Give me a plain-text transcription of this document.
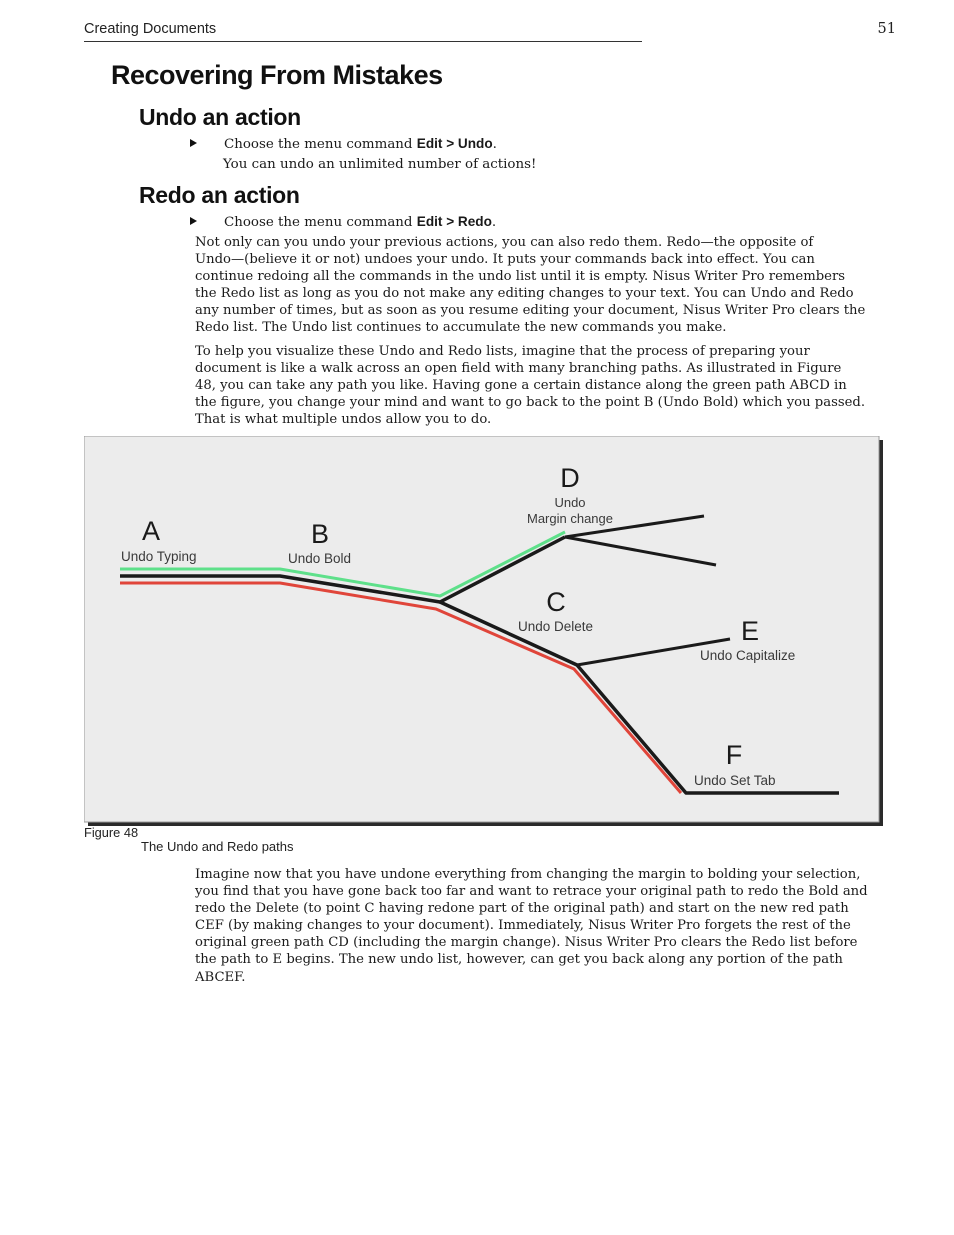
Creating Documents	51
Recovering From Mistakes
Undo an action
Choose the menu command Edit > Undo.
You can undo an unlimited number of actions!
Redo an action
Choose the menu command Edit > Redo.
Not only can you undo your previous actions, you can also redo them. Redo—the opposite of
Undo—(believe it or not) undoes your undo. It puts your commands back into effect. You can
continue redoing all the commands in the undo list until it is empty. Nisus Writer Pro remembers
the Redo list as long as you do not make any editing changes to your text. You can Undo and Redo
any number of times, but as soon as you resume editing your document, Nisus Writer Pro clears the
Redo list. The Undo list continues to accumulate the new commands you make.
To help you visualize these Undo and Redo lists, imagine that the process of preparing your
document is like a walk across an open field with many branching paths. As illustrated in Figure
48, you can take any path you like. Having gone a certain distance along the green path ABCD in
the figure, you change your mind and want to go back to the point B (Undo Bold) which you passed.
That is what multiple undos allow you to do.
A
Undo Typing
B
Undo Bold
D
Undo
Margin change
C
Undo Delete	E
Undo Capitalize
F
Undo Set Tab
Figure 48
The Undo and Redo paths
Imagine now that you have undone everything from changing the margin to bolding your selection,
you find that you have gone back too far and want to retrace your original path to redo the Bold and
redo the Delete (to point C having redone part of the original path) and start on the new red path
CEF (by making changes to your document). Immediately, Nisus Writer Pro forgets the rest of the
original green path CD (including the margin change). Nisus Writer Pro clears the Redo list before
the path to E begins. The new undo list, however, can get you back along any portion of the path
ABCEF.
